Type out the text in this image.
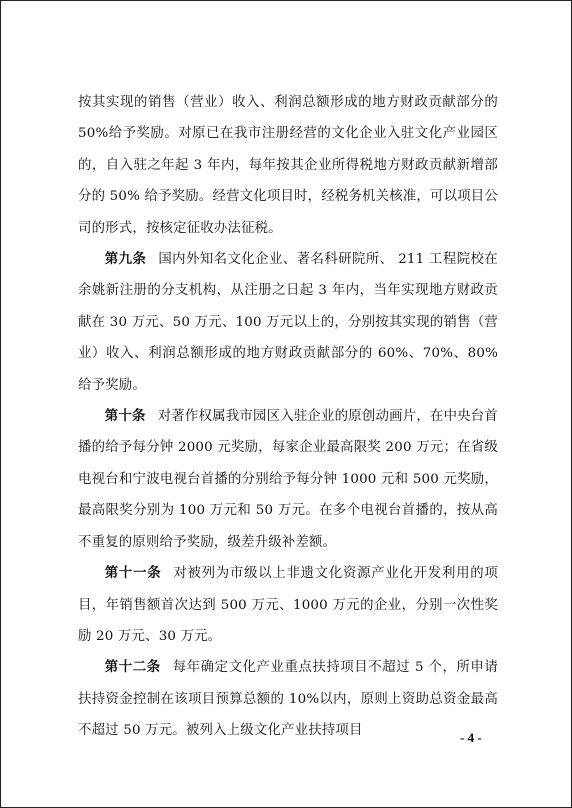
按其实现的销售（营业）收入、利润总额形成的地方财政贡献部分的50%给予奖励。对原已在我市注册经营的文化企业入驻文化产业园区的，自入驻之年起 3 年内，每年按其企业所得税地方财政贡献新增部分的 50% 给予奖励。经营文化项目时，经税务机关核准，可以项目公司的形式，按核定征收办法征税。

第九条 国内外知名文化企业、著名科研院所、 211 工程院校在余姚新注册的分支机构，从注册之日起 3 年内，当年实现地方财政贡献在 30 万元、50 万元、100 万元以上的，分别按其实现的销售（营业）收入、利润总额形成的地方财政贡献部分的 60%、70%、80%给予奖励。

第十条 对著作权属我市园区入驻企业的原创动画片，在中央台首播的给予每分钟 2000 元奖励，每家企业最高限奖 200 万元；在省级电视台和宁波电视台首播的分别给予每分钟 1000 元和 500 元奖励，最高限奖分别为 100 万元和 50 万元。在多个电视台首播的，按从高不重复的原则给予奖励，级差升级补差额。

第十一条 对被列为市级以上非遗文化资源产业化开发利用的项目，年销售额首次达到 500 万元、1000 万元的企业，分别一次性奖励 20 万元、30 万元。

第十二条 每年确定文化产业重点扶持项目不超过 5 个，所申请扶持资金控制在该项目预算总额的 10%以内，原则上资助总资金最高不超过 50 万元。被列入上级文化产业扶持项目	- 4 -
